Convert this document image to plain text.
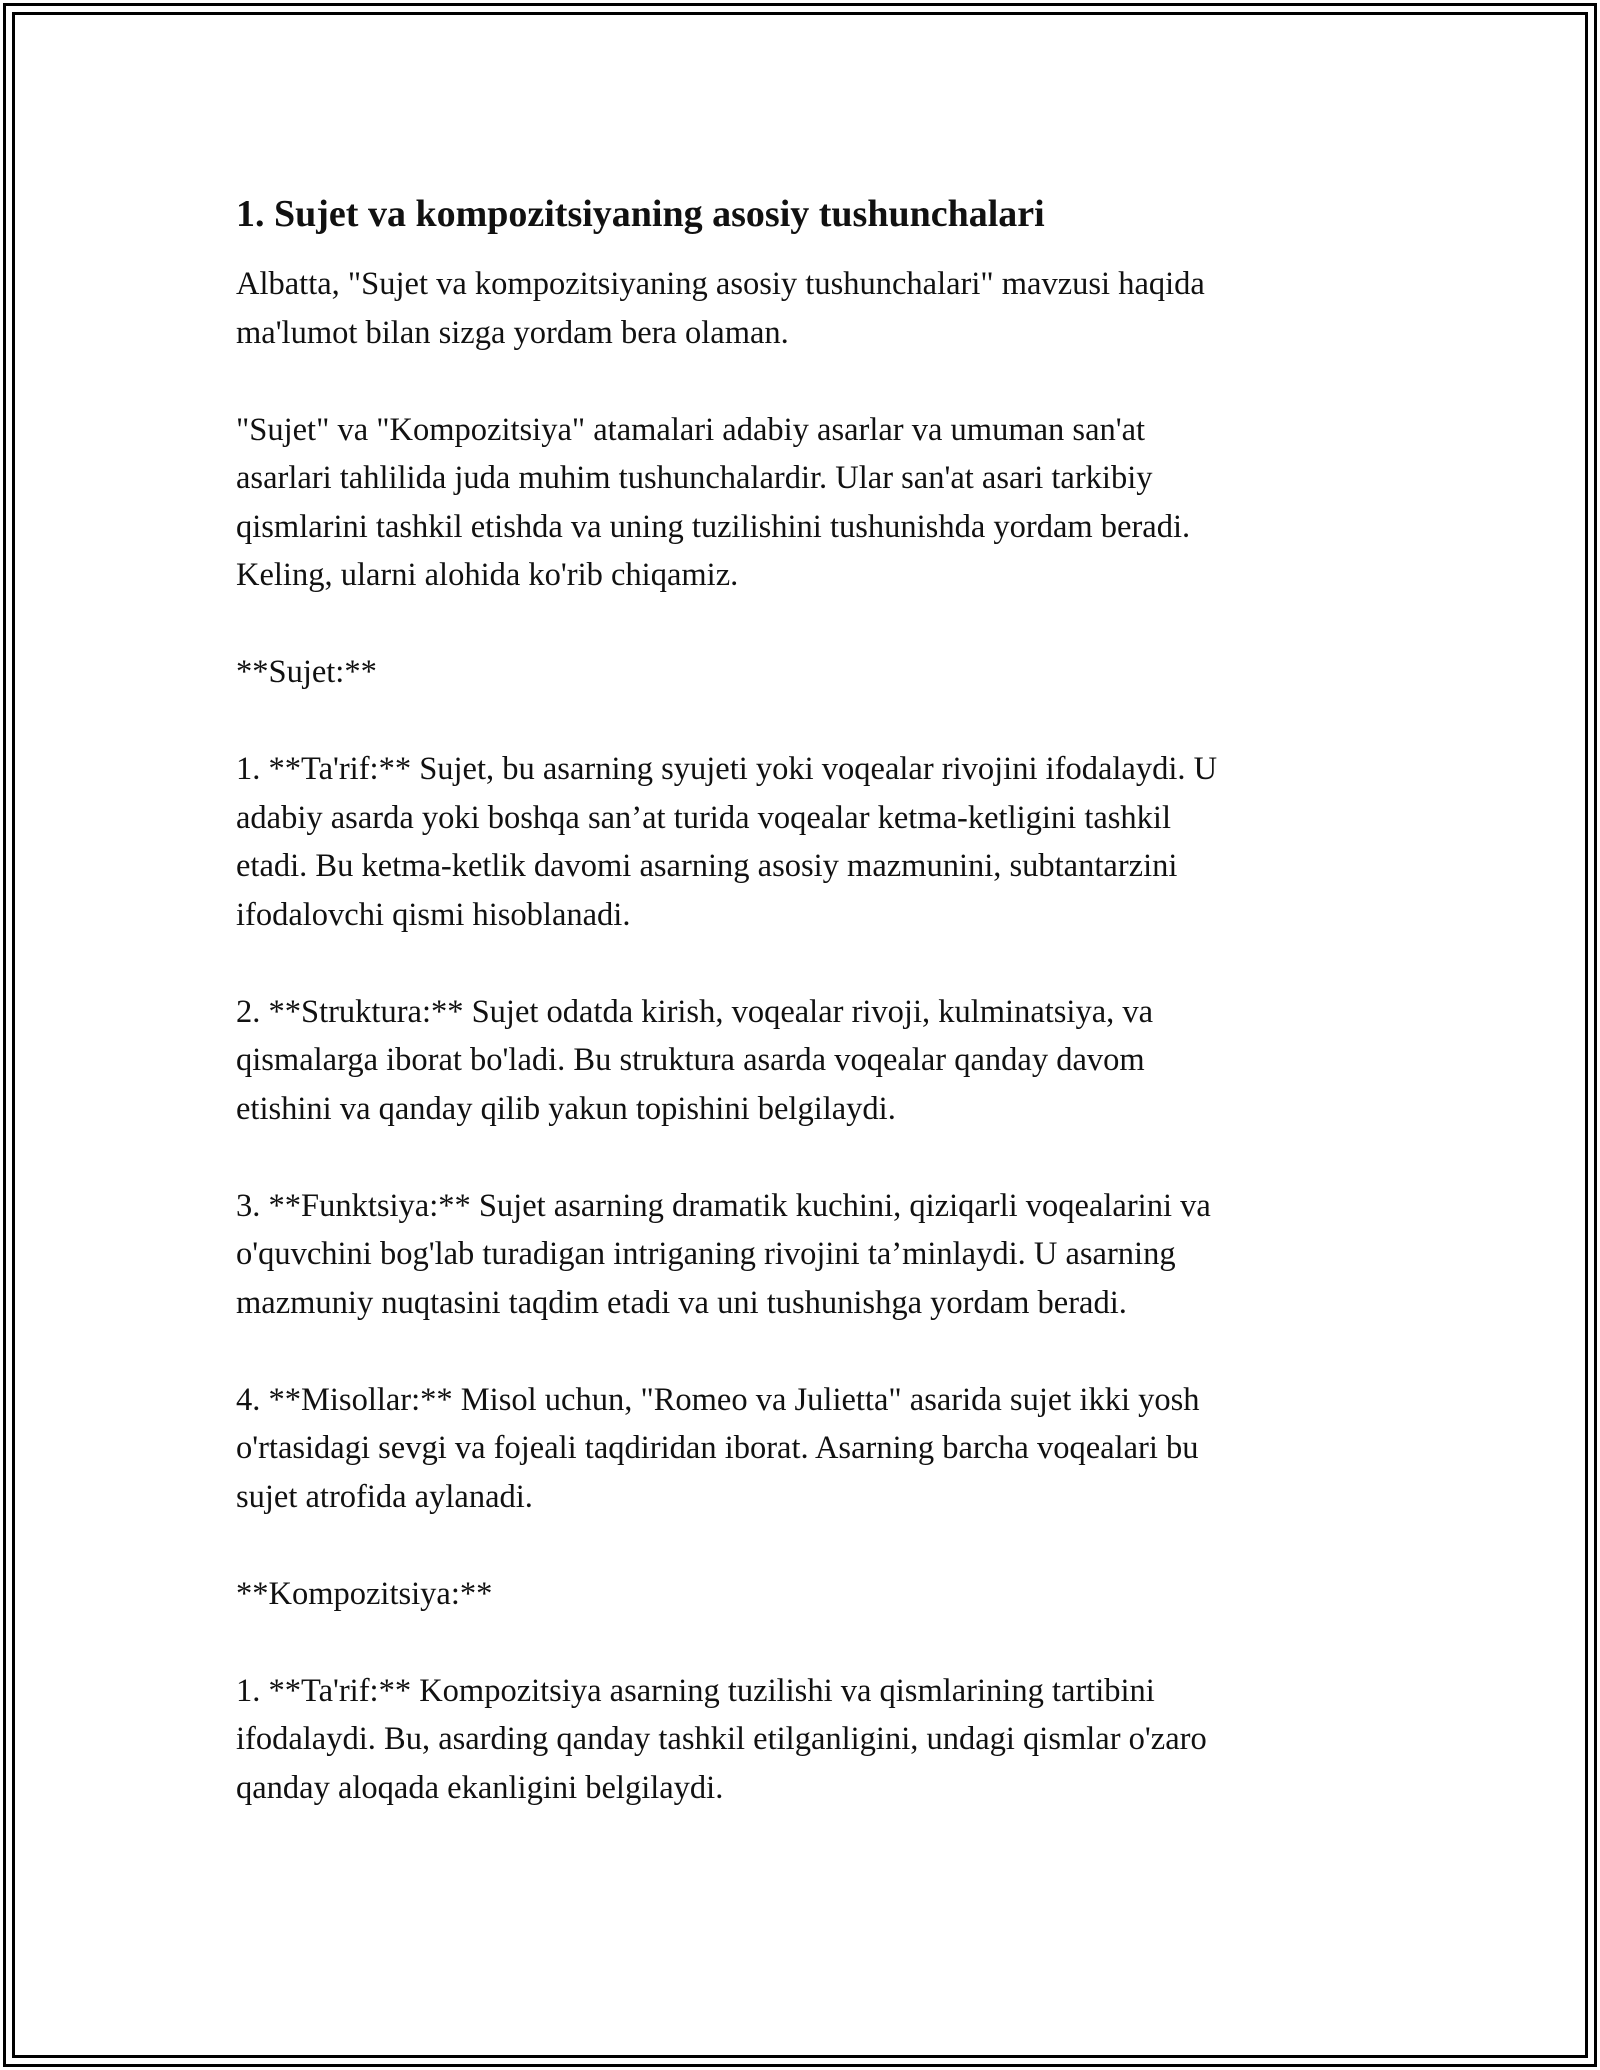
1. Sujet va kompozitsiyaning asosiy tushunchalari

Albatta, "Sujet va kompozitsiyaning asosiy tushunchalari" mavzusi haqida
ma'lumot bilan sizga yordam bera olaman.

"Sujet" va "Kompozitsiya" atamalari adabiy asarlar va umuman san'at
asarlari tahlilida juda muhim tushunchalardir. Ular san'at asari tarkibiy
qismlarini tashkil etishda va uning tuzilishini tushunishda yordam beradi.
Keling, ularni alohida ko'rib chiqamiz.

**Sujet:**

1. **Ta'rif:** Sujet, bu asarning syujeti yoki voqealar rivojini ifodalaydi. U
adabiy asarda yoki boshqa san’at turida voqealar ketma-ketligini tashkil
etadi. Bu ketma-ketlik davomi asarning asosiy mazmunini, subtantarzini
ifodalovchi qismi hisoblanadi.

2. **Struktura:** Sujet odatda kirish, voqealar rivoji, kulminatsiya, va
qismalarga iborat bo'ladi. Bu struktura asarda voqealar qanday davom
etishini va qanday qilib yakun topishini belgilaydi.

3. **Funktsiya:** Sujet asarning dramatik kuchini, qiziqarli voqealarini va
o'quvchini bog'lab turadigan intriganing rivojini ta’minlaydi. U asarning
mazmuniy nuqtasini taqdim etadi va uni tushunishga yordam beradi.

4. **Misollar:** Misol uchun, "Romeo va Julietta" asarida sujet ikki yosh
o'rtasidagi sevgi va fojeali taqdiridan iborat. Asarning barcha voqealari bu
sujet atrofida aylanadi.

**Kompozitsiya:**

1. **Ta'rif:** Kompozitsiya asarning tuzilishi va qismlarining tartibini
ifodalaydi. Bu, asarding qanday tashkil etilganligini, undagi qismlar o'zaro
qanday aloqada ekanligini belgilaydi.
